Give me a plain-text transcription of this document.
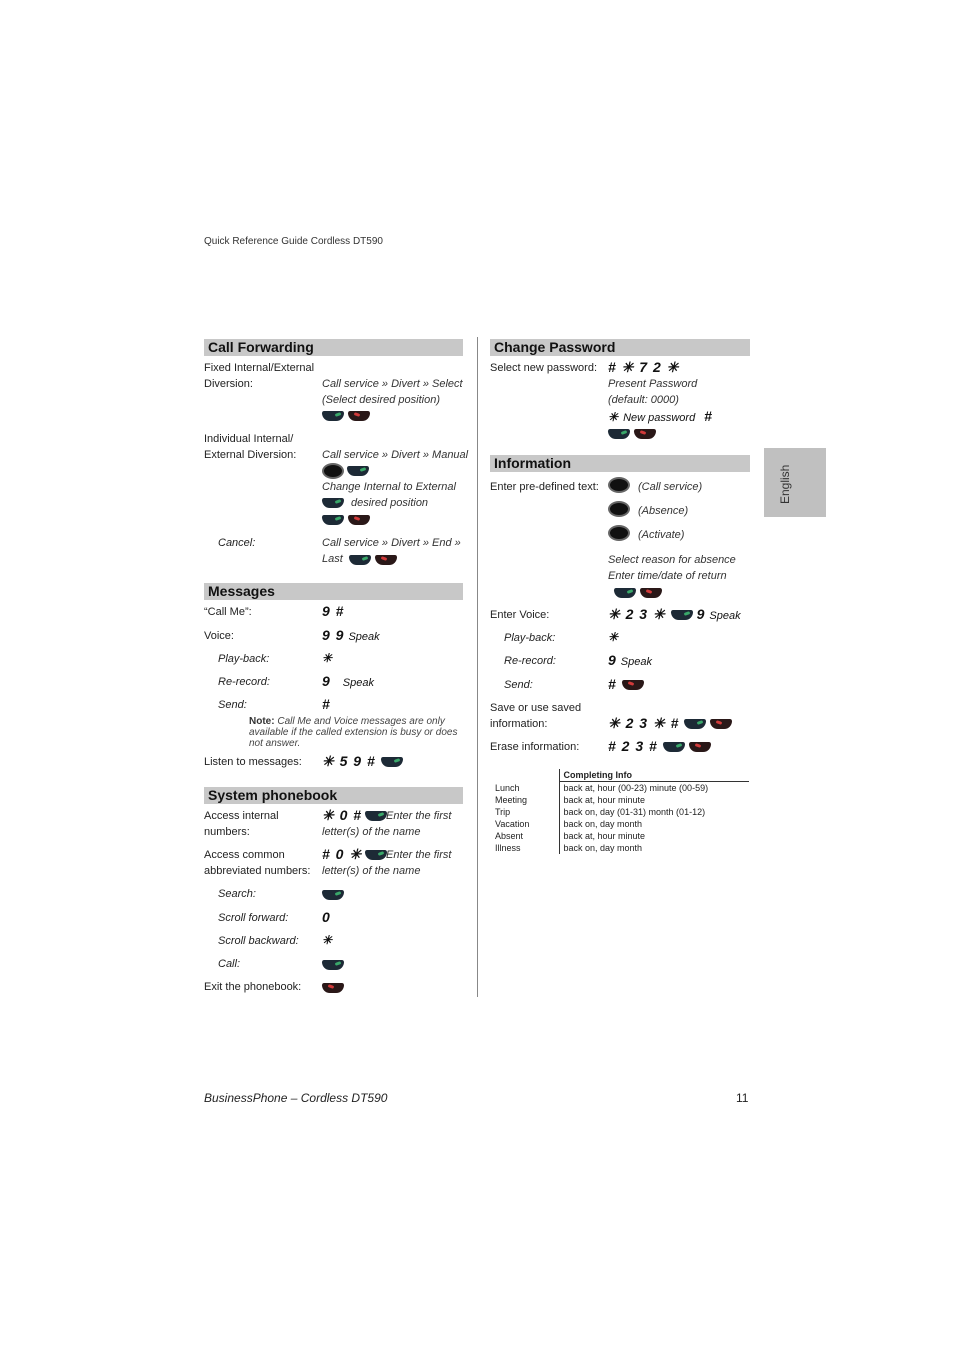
Quick Reference Guide Cordless DT590
English
Call Forwarding
Fixed Internal/External
Diversion:	Call service » Divert » Select
(Select desired position)
Individual Internal/
External Diversion: Call service » Divert » Manual

Change Internal to External
desired position
Cancel:	Call service » Divert » End »
Last
Messages
“Call Me”:	9 #
Voice:	9 9 Speak
Play-back:	✳
Re-record:	9 Speak
Send:	#
Note: Call Me and Voice messages are only available if the called extension is busy or does not answer.
Listen to messages: ✳ 5 9 #
System phonebook
Access internal
numbers:
✳ 0 #	Enter the first
letter(s) of the name
Access common
abbreviated numbers:
# 0 ✳	Enter the first
letter(s) of the name
Search:
Scroll forward: 0
Scroll backward: ✳
Call:
Exit the phonebook:
Change Password
Select new password: # ✳ 7 2 ✳
Present Password
(default: 0000)
✳ New password #
Information
Enter pre-defined text:	(Call service)
(Absence)
(Activate)
Select reason for absence
Enter time/date of return
Enter Voice:	✳ 2 3 ✳ 9 Speak
Play-back:	✳
Re-record:	9 Speak
Send:	#
Save or use saved
information:	✳ 2 3 ✳ #
Erase information: # 2 3 #
	Completing Info
Lunch	back at, hour (00-23) minute (00-59)
Meeting	back at, hour minute
Trip	back on, day (01-31) month (01-12)
Vacation	back on, day month
Absent	back at, hour minute
Illness	back on, day month
BusinessPhone – Cordless DT590	11
